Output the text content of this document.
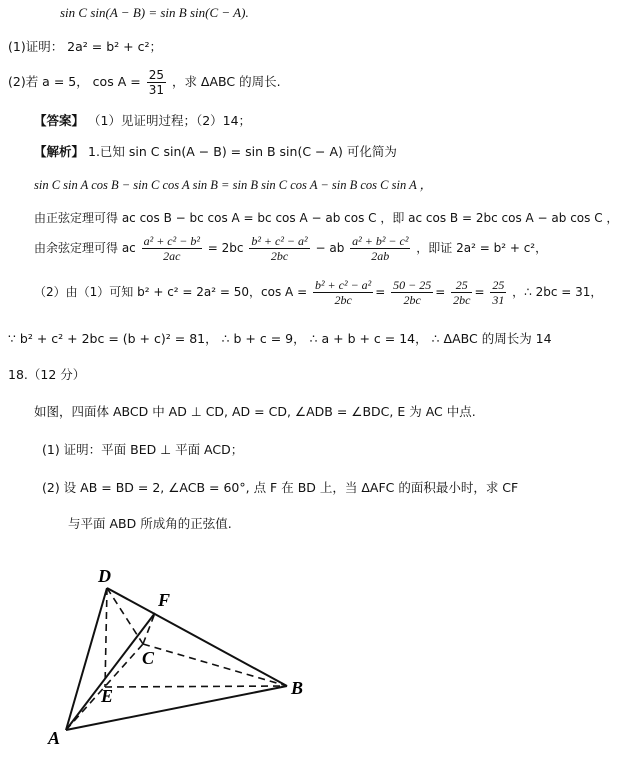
sin C sin(A − B) = sin B sin(C − A).
(1)证明： 2a² = b² + c²；
(2)若 a = 5， $\cos A = \frac{25}{31}$ ，求 ΔABC 的周长.
【答案】 （1）见证明过程；（2）14；
【解析】 1.已知 sin C sin(A − B) = sin B sin(C − A) 可化简为
sin C sin A cos B − sin C cos A sin B = sin B sin C cos A − sin B cos C sin A ，
由正弦定理可得 ac cos B − bc cos A = bc cos A − ab cos C ，即 ac cos B = 2bc cos A − ab cos C ，
由余弦定理可得 ac $\frac{\text{a² + c² − b²}}{2ac} = 2bc \frac{\text{b² + c² − a²}}{2bc}$ − ab $\frac{\text{a² + b² − c²}}{2ab}$ ，即证 2a² = b² + c²，
（2）由（1）可知 b² + c² = 2a² = 50，$\cos A = \frac{\text{b² + c² − a²}}{2bc} = \frac{50 - 25}{2bc} = \frac{25}{2bc} = \frac{25}{31}$ ，∴ 2bc = 31，
∵ b² + c² + 2bc = (b + c)² = 81， ∴ b + c = 9， ∴ a + b + c = 14， ∴ ΔABC 的周长为 14
18.（12 分）
如图，四面体 ABCD 中 AD ⊥ CD, AD = CD, ∠ADB = ∠BDC, E 为 AC 中点.
(1) 证明：平面 BED ⊥ 平面 ACD；
(2) 设 AB = BD = 2, ∠ACB = 60°, 点 F 在 BD 上，当 ΔAFC 的面积最小时，求 CF
与平面 ABD 所成角的正弦值.
D
F
C
E	B
A
